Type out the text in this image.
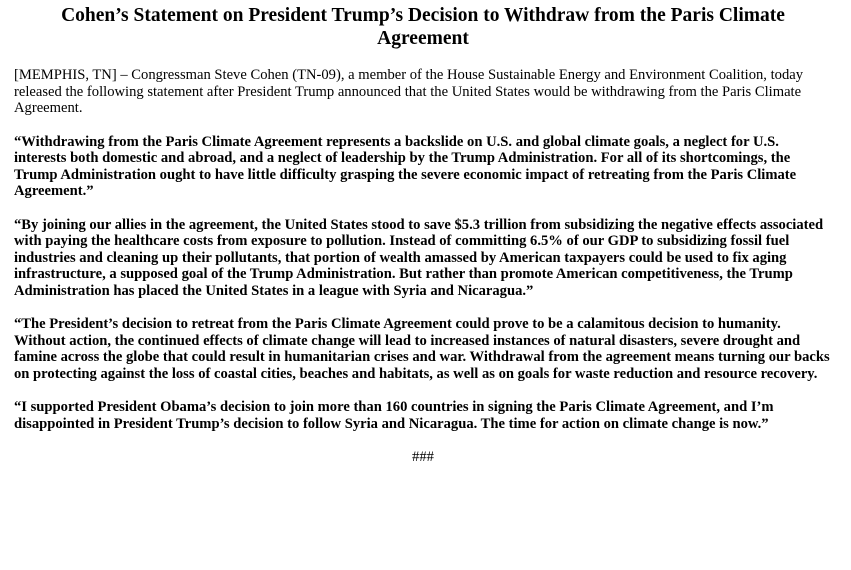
Cohen’s Statement on President Trump’s Decision to Withdraw from the Paris Climate Agreement

[MEMPHIS, TN] – Congressman Steve Cohen (TN-09), a member of the House Sustainable Energy and Environment Coalition, today released the following statement after President Trump announced that the United States would be withdrawing from the Paris Climate Agreement.

“Withdrawing from the Paris Climate Agreement represents a backslide on U.S. and global climate goals, a neglect for U.S. interests both domestic and abroad, and a neglect of leadership by the Trump Administration. For all of its shortcomings, the Trump Administration ought to have little difficulty grasping the severe economic impact of retreating from the Paris Climate Agreement.”

“By joining our allies in the agreement, the United States stood to save $5.3 trillion from subsidizing the negative effects associated with paying the healthcare costs from exposure to pollution. Instead of committing 6.5% of our GDP to subsidizing fossil fuel industries and cleaning up their pollutants, that portion of wealth amassed by American taxpayers could be used to fix aging infrastructure, a supposed goal of the Trump Administration. But rather than promote American competitiveness, the Trump Administration has placed the United States in a league with Syria and Nicaragua.”

“The President’s decision to retreat from the Paris Climate Agreement could prove to be a calamitous decision to humanity. Without action, the continued effects of climate change will lead to increased instances of natural disasters, severe drought and famine across the globe that could result in humanitarian crises and war. Withdrawal from the agreement means turning our backs on protecting against the loss of coastal cities, beaches and habitats, as well as on goals for waste reduction and resource recovery.

“I supported President Obama’s decision to join more than 160 countries in signing the Paris Climate Agreement, and I’m disappointed in President Trump’s decision to follow Syria and Nicaragua. The time for action on climate change is now.”

###
